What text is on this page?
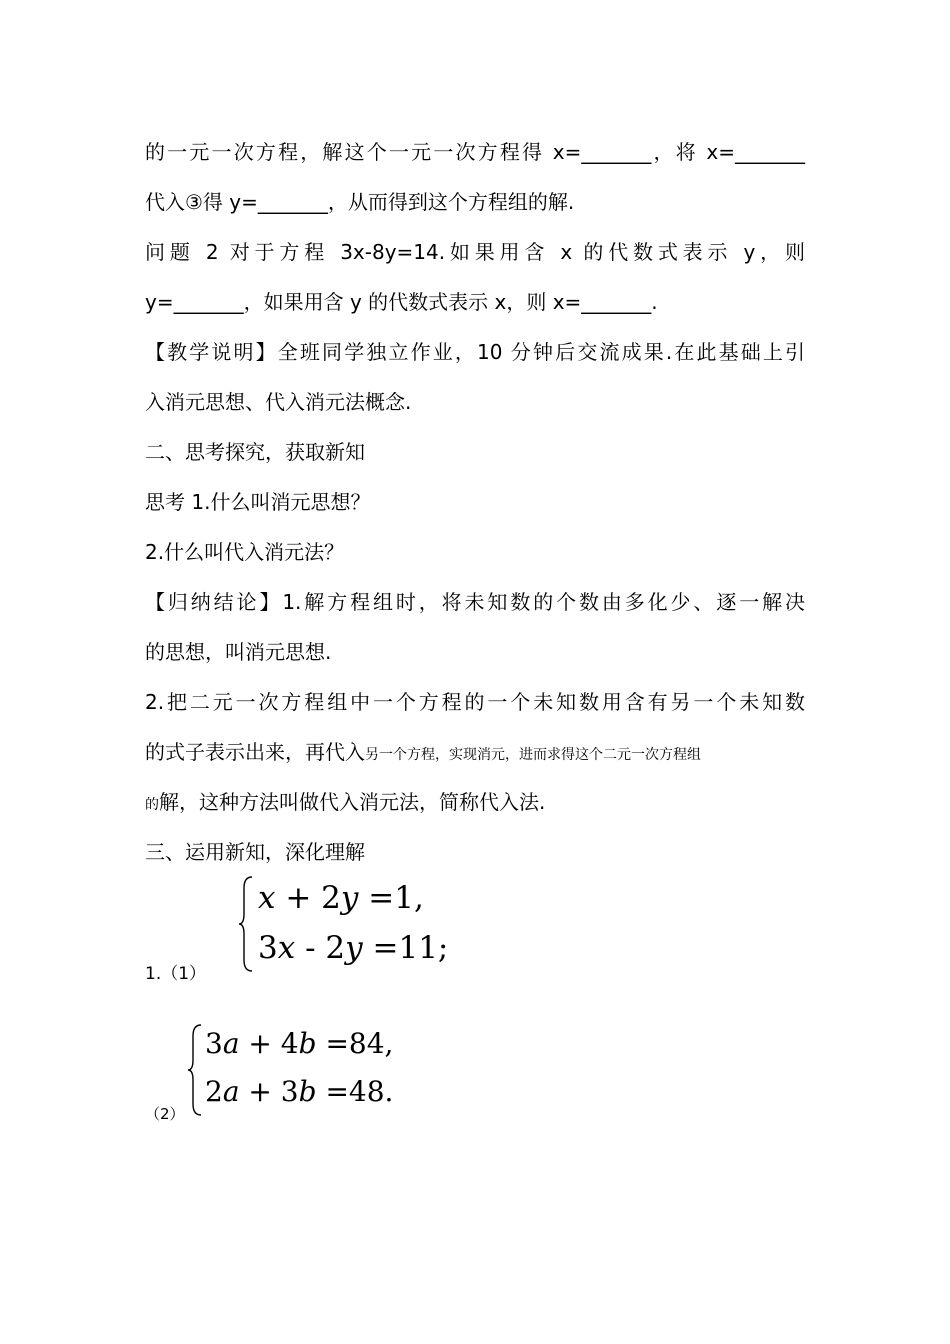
的一元一次方程，解这个一元一次方程得 x=_______，将 x=_______
代入③得 y=_______，从而得到这个方程组的解.
问题 2 对于方程 3x-8y=14.如果用含 x 的代数式表示 y，则
y=_______，如果用含 y 的代数式表示 x，则 x=_______.
【教学说明】全班同学独立作业，10 分钟后交流成果.在此基础上引
入消元思想、代入消元法概念.
二、思考探究，获取新知
思考 1.什么叫消元思想？
2.什么叫代入消元法？
【归纳结论】1.解方程组时，将未知数的个数由多化少、逐一解决
的思想，叫消元思想.
2.把二元一次方程组中一个方程的一个未知数用含有另一个未知数
的式子表示出来，再代入另一个方程，实现消元，进而求得这个二元一次方程组
的解，这种方法叫做代入消元法，简称代入法.
三、运用新知，深化理解
1.（1）
x + 2y =1,
3x - 2y =11;
（2）
3a + 4b =84,
2a + 3b =48.
